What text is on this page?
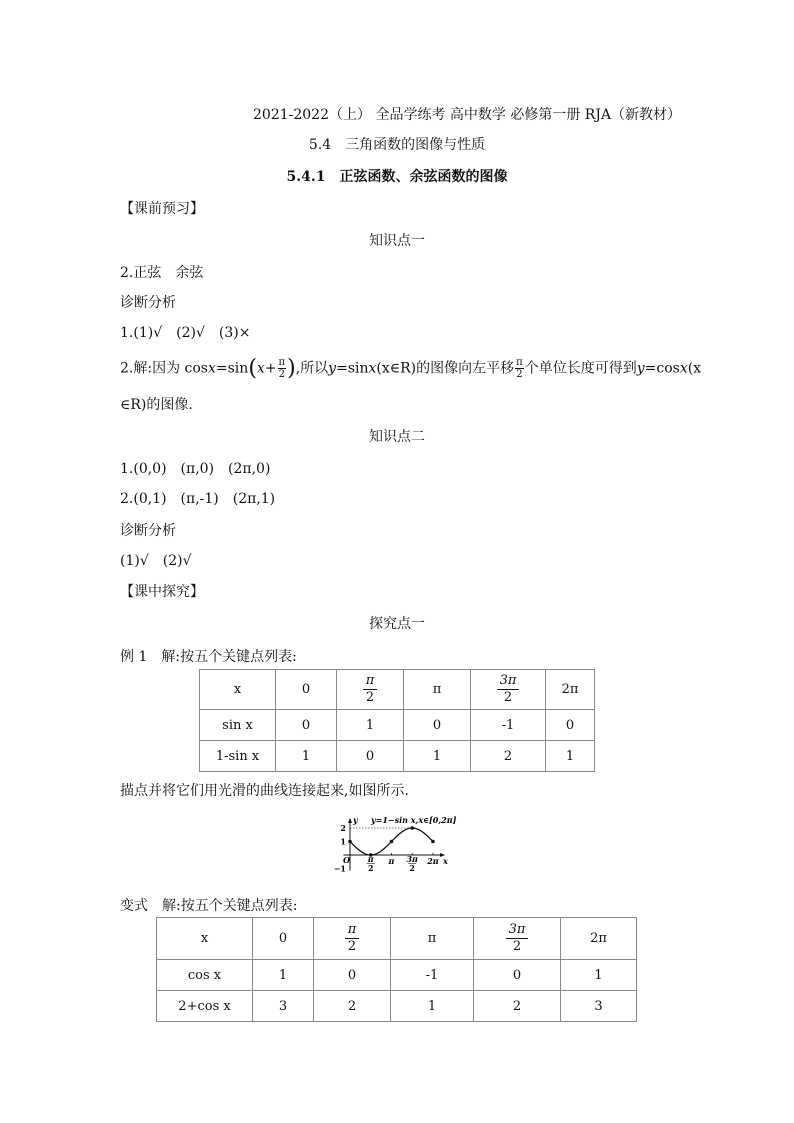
2021-2022（上） 全品学练考 高中数学 必修第一册 RJA（新教材）
5.4　三角函数的图像与性质
5.4.1　正弦函数、余弦函数的图像
【课前预习】
知识点一
2.正弦　余弦
诊断分析
1.(1)√　(2)√　(3)×
2.解:因为 $\cos x=\sin(x+ \frac{\pi}{2}$ ),所以y=sinx(x∈R)的图像向左平移 $\frac{\pi}{2}$ 个单位长度可得到y=cosx(x
∈R)的图像.
知识点二
1.(0,0)　(π,0)　(2π,0)
2.(0,1)　(π,-1)　(2π,1)
诊断分析
(1)√　(2)√
【课中探究】
探究点一
例 1　解:按五个关键点列表:
x	0	$\frac{\pi}{2}$	π	$\frac{3\pi}{2}$	2π
sin x	0	1	0	-1	0
1-sin x	1	0	1	2	1
描点并将它们用光滑的曲线连接起来,如图所示.
x
y
O
2
1
−1
π
2
π 3π
2
2π
y=1−sin x,x∈[0,2π]
变式　解:按五个关键点列表:
x	0	$\frac{\pi}{2}$	π	$\frac{3\pi}{2}$	2π
cos x	1	0	-1	0	1
2+cos x	3	2	1	2	3
